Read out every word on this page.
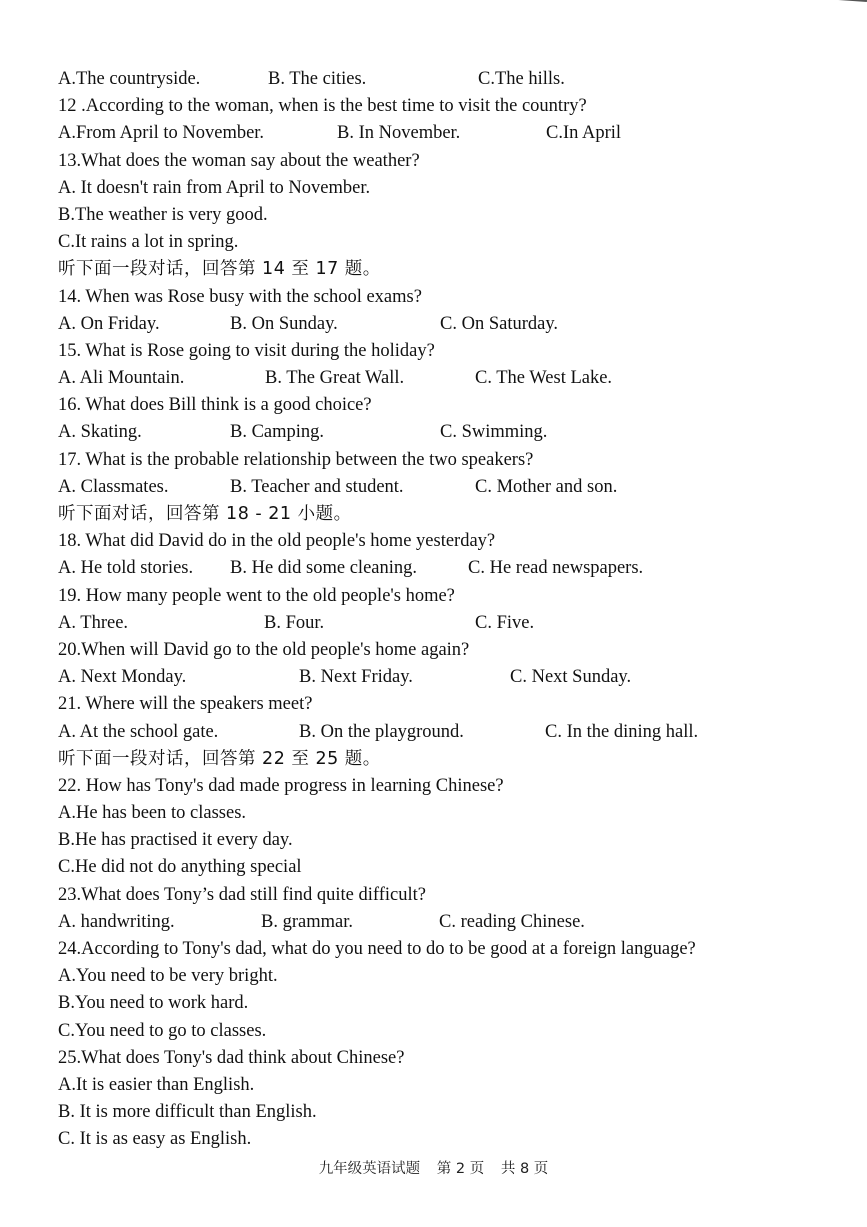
A.The countryside.	B. The cities.	C.The hills.
12 .According to the woman, when is the best time to visit the country?
A.From April to November.	B. In November.	C.In April
13.What does the woman say about the weather?
A. It doesn't rain from April to November.
B.The weather is very good.
C.It rains a lot in spring.
听下面一段对话，回答第 14 至 17 题。
14. When was Rose busy with the school exams?
A. On Friday.	B. On Sunday.	C. On Saturday.
15. What is Rose going to visit during the holiday?
A. Ali Mountain.	B. The Great Wall.	C. The West Lake.
16. What does Bill think is a good choice?
A. Skating.	B. Camping.	C. Swimming.
17. What is the probable relationship between the two speakers?
A. Classmates.	B. Teacher and student.	C. Mother and son.
听下面对话，回答第 18 - 21 小题。
18. What did David do in the old people's home yesterday?
A. He told stories. B. He did some cleaning.	C. He read newspapers.
19. How many people went to the old people's home?
A. Three.	B. Four.	C. Five.
20.When will David go to the old people's home again?
A. Next Monday.	B. Next Friday.	C. Next Sunday.
21. Where will the speakers meet?
A. At the school gate.	B. On the playground.	C. In the dining hall.
听下面一段对话，回答第 22 至 25 题。
22. How has Tony's dad made progress in learning Chinese?
A.He has been to classes.
B.He has practised it every day.
C.He did not do anything special
23.What does Tony’s dad still find quite difficult?
A. handwriting.	B. grammar.	C. reading Chinese.
24.According to Tony's dad, what do you need to do to be good at a foreign language?
A.You need to be very bright.
B.You need to work hard.
C.You need to go to classes.
25.What does Tony's dad think about Chinese?
A.It is easier than English.
B. It is more difficult than English.
C. It is as easy as English.
九年级英语试题 第 2 页 共 8 页
